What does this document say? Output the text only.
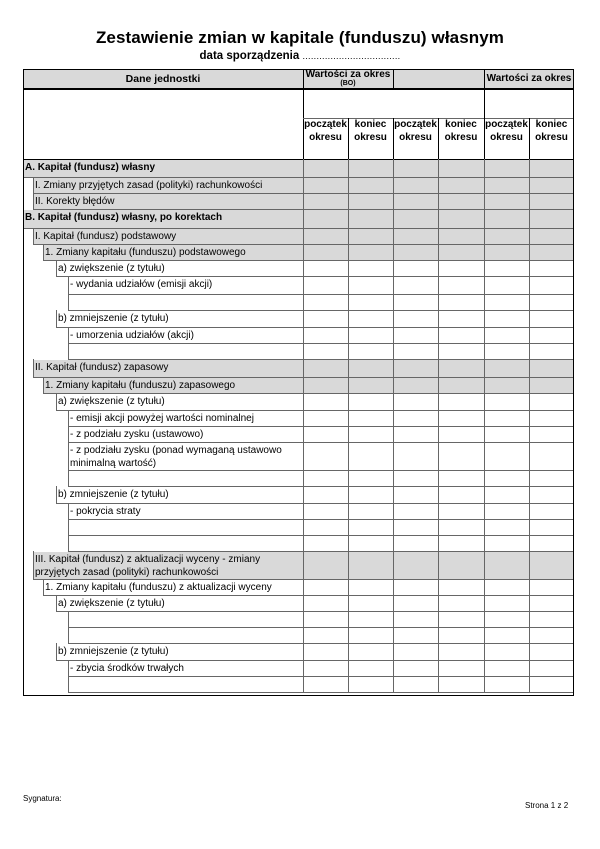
Zestawienie zmian w kapitale (funduszu) własnym
data sporządzenia ...................................
Dane jednostki	Wartości za okres
(BO)	Wartości za okres
początek okresu
koniec okresu
początek okresu
koniec okresu
początek okresu
koniec okresu
A. Kapitał (fundusz) własny
I. Zmiany przyjętych zasad (polityki) rachunkowości
II. Korekty błędów
B. Kapitał (fundusz) własny, po korektach
I. Kapitał (fundusz) podstawowy
1. Zmiany kapitału (funduszu) podstawowego
a) zwiększenie (z tytułu)
- wydania udziałów (emisji akcji)
b) zmniejszenie (z tytułu)
- umorzenia udziałów (akcji)
II. Kapitał (fundusz) zapasowy
1. Zmiany kapitału (funduszu) zapasowego
a) zwiększenie (z tytułu)
- emisji akcji powyżej wartości nominalnej
- z podziału zysku (ustawowo)
- z podziału zysku (ponad wymaganą ustawowo minimalną wartość)
b) zmniejszenie (z tytułu)
- pokrycia straty
III. Kapitał (fundusz) z aktualizacji wyceny - zmiany przyjętych zasad (polityki) rachunkowości
1. Zmiany kapitału (funduszu) z aktualizacji wyceny
a) zwiększenie (z tytułu)
b) zmniejszenie (z tytułu)
- zbycia środków trwałych
Sygnatura:
Strona 1 z 2
